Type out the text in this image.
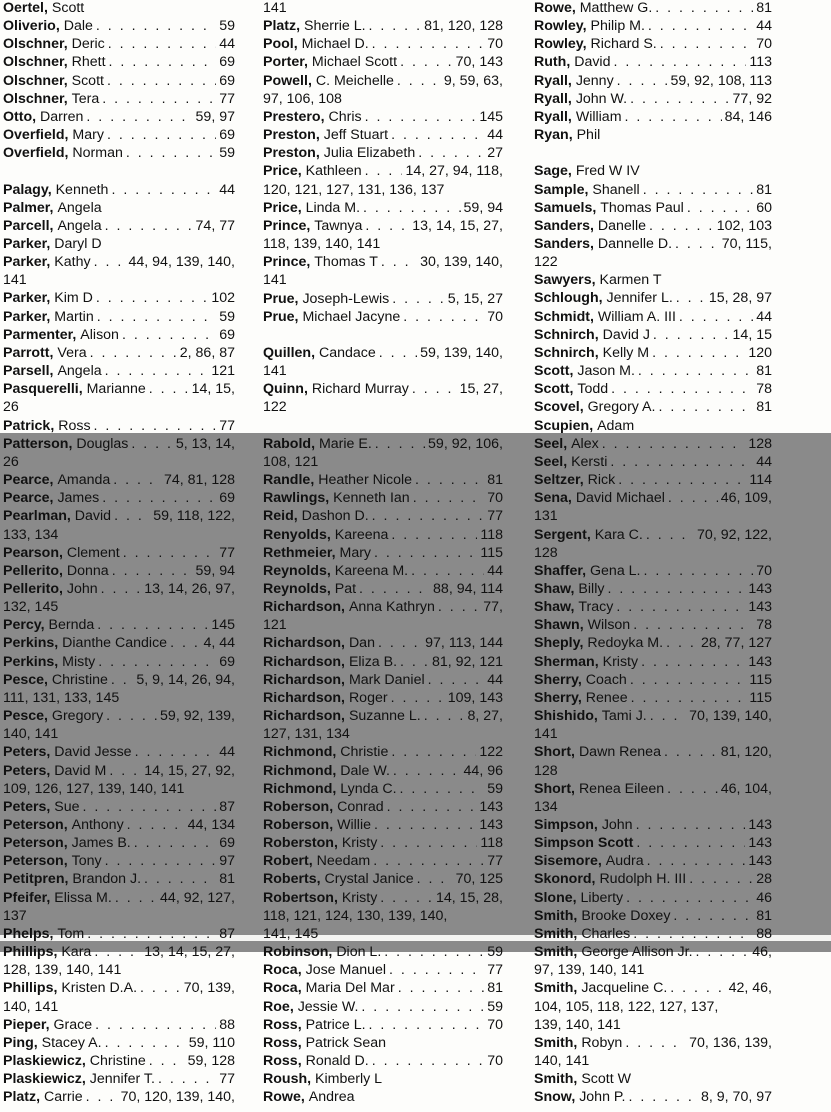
Oertel, Scott
Oliverio, Dale . . .	59
Olschner, Deric . . .	44
Olschner, Rhett . . .	69
Olschner, Scott . . .	69
Olschner, Tera . . .	77
Otto, Darren . . .	59, 97
Overfield, Mary . . .	69
Overfield, Norman . . .	59
Palagy, Kenneth . . .	44
Palmer, Angela
Parcell, Angela . . .	74, 77
Parker, Daryl D
Parker, Kathy . . .	44, 94, 139, 140,
141
Parker, Kim D . . .	102
Parker, Martin . . .	59
Parmenter, Alison . . .	69
Parrott, Vera . . .	2, 86, 87
Parsell, Angela . . .	121
Pasquerelli, Marianne . . .	14, 15,
26
Patrick, Ross . . .	77
Patterson, Douglas . . .	5, 13, 14,
26
Pearce, Amanda . . .	74, 81, 128
Pearce, James . . .	69
Pearlman, David . . .	59, 118, 122,
133, 134
Pearson, Clement . . .	77
Pellerito, Donna . . .	59, 94
Pellerito, John . . .	13, 14, 26, 97,
132, 145
Percy, Bernda . . .	145
Perkins, Dianthe Candice . . .	4, 44
Perkins, Misty . . .	69
Pesce, Christine . . . 5, 9, 14, 26, 94,
111, 131, 133, 145
Pesce, Gregory . . .	59, 92, 139,
140, 141
Peters, David Jesse . . .	44
Peters, David M . . .	14, 15, 27, 92,
109, 126, 127, 139, 140, 141
Peters, Sue . . .	87
Peterson, Anthony . . .	44, 134
Peterson, James B. . . .	69
Peterson, Tony . . .	97
Petitpren, Brandon J. . . .	81
Pfeifer, Elissa M. . . .	44, 92, 127,
137
Phelps, Tom . . .	87
Phillips, Kara . . .	13, 14, 15, 27,
128, 139, 140, 141
Phillips, Kristen D.A. . . .	70, 139,
140, 141
Pieper, Grace . . .	88
Ping, Stacey A. . . .	59, 110
Plaskiewicz, Christine . . .	59, 128
Plaskiewicz, Jennifer T. . . .	77
Platz, Carrie . . .	70, 120, 139, 140,
141
Platz, Sherrie L. . . .	81, 120, 128
Pool, Michael D. . . .	70
Porter, Michael Scott . . .	70, 143
Powell, C. Meichelle . . .	9, 59, 63,
97, 106, 108
Prestero, Chris . . .	145
Preston, Jeff Stuart . . .	44
Preston, Julia Elizabeth . . .	27
Price, Kathleen . . .	14, 27, 94, 118,
120, 121, 127, 131, 136, 137
Price, Linda M. . . .	59, 94
Prince, Tawnya . . .	13, 14, 15, 27,
118, 139, 140, 141
Prince, Thomas T . . .	30, 139, 140,
141
Prue, Joseph-Lewis . . .	5, 15, 27
Prue, Michael Jacyne . . .	70
Quillen, Candace . . .	59, 139, 140,
141
Quinn, Richard Murray . . .	15, 27,
122
Rabold, Marie E. . . .	59, 92, 106,
108, 121
Randle, Heather Nicole . . .	81
Rawlings, Kenneth Ian . . .	70
Reid, Dashon D. . . .	77
Renyolds, Kareena . . .	118
Rethmeier, Mary . . .	115
Reynolds, Kareena M. . . .	44
Reynolds, Pat . . .	88, 94, 114
Richardson, Anna Kathryn . . .	77,
121
Richardson, Dan . . .	97, 113, 144
Richardson, Eliza B. . . . 81, 92, 121
Richardson, Mark Daniel . . .	44
Richardson, Roger . . .	109, 143
Richardson, Suzanne L. . . .	8, 27,
127, 131, 134
Richmond, Christie . . .	122
Richmond, Dale W. . . .	44, 96
Richmond, Lynda C. . . .	59
Roberson, Conrad . . .	143
Roberson, Willie . . .	143
Roberston, Kristy . . .	118
Robert, Needam . . .	77
Roberts, Crystal Janice . . .	70, 125
Robertson, Kristy . . .	14, 15, 28,
118, 121, 124, 130, 139, 140,
141, 145
Robinson, Dion L. . . .	59
Roca, Jose Manuel . . .	77
Roca, Maria Del Mar . . .	81
Roe, Jessie W. . . .	59
Ross, Patrice L. . . .	70
Ross, Patrick Sean
Ross, Ronald D. . . .	70
Roush, Kimberly L
Rowe, Andrea
Rowe, Matthew G. . . .	81
Rowley, Philip M. . . .	44
Rowley, Richard S. . . .	70
Ruth, David . . .	113
Ryall, Jenny . . .	59, 92, 108, 113
Ryall, John W. . . .	77, 92
Ryall, William . . .	84, 146
Ryan, Phil
Sage, Fred W IV
Sample, Shanell . . .	81
Samuels, Thomas Paul . . .	60
Sanders, Danelle . . .	102, 103
Sanders, Dannelle D. . . .	70, 115,
122
Sawyers, Karmen T
Schlough, Jennifer L. . . .	15, 28, 97
Schmidt, William A. III . . .	44
Schnirch, David J . . .	14, 15
Schnirch, Kelly M . . .	120
Scott, Jason M. . . .	81
Scott, Todd . . .	78
Scovel, Gregory A. . . .	81
Scupien, Adam
Seel, Alex . . .	128
Seel, Kersti . . .	44
Seltzer, Rick . . .	114
Sena, David Michael . . .	46, 109,
131
Sergent, Kara C. . . .	70, 92, 122,
128
Shaffer, Gena L. . . .	70
Shaw, Billy . . .	143
Shaw, Tracy . . .	143
Shawn, Wilson . . .	78
Sheply, Redoyka M. . . .	28, 77, 127
Sherman, Kristy . . .	143
Sherry, Coach . . .	115
Sherry, Renee . . .	115
Shishido, Tami J. . . .	70, 139, 140,
141
Short, Dawn Renea . . .	81, 120,
128
Short, Renea Eileen . . .	46, 104,
134
Simpson, John . . .	143
Simpson Scott . . .	143
Sisemore, Audra . . .	143
Skonord, Rudolph H. III . . .	28
Slone, Liberty . . .	46
Smith, Brooke Doxey . . .	81
Smith, Charles . . .	88
Smith, George Allison Jr. . . .	46,
97, 139, 140, 141
Smith, Jacqueline C. . . .	42, 46,
104, 105, 118, 122, 127, 137,
139, 140, 141
Smith, Robyn . . .	70, 136, 139,
140, 141
Smith, Scott W
Snow, John P. . . .	8, 9, 70, 97
